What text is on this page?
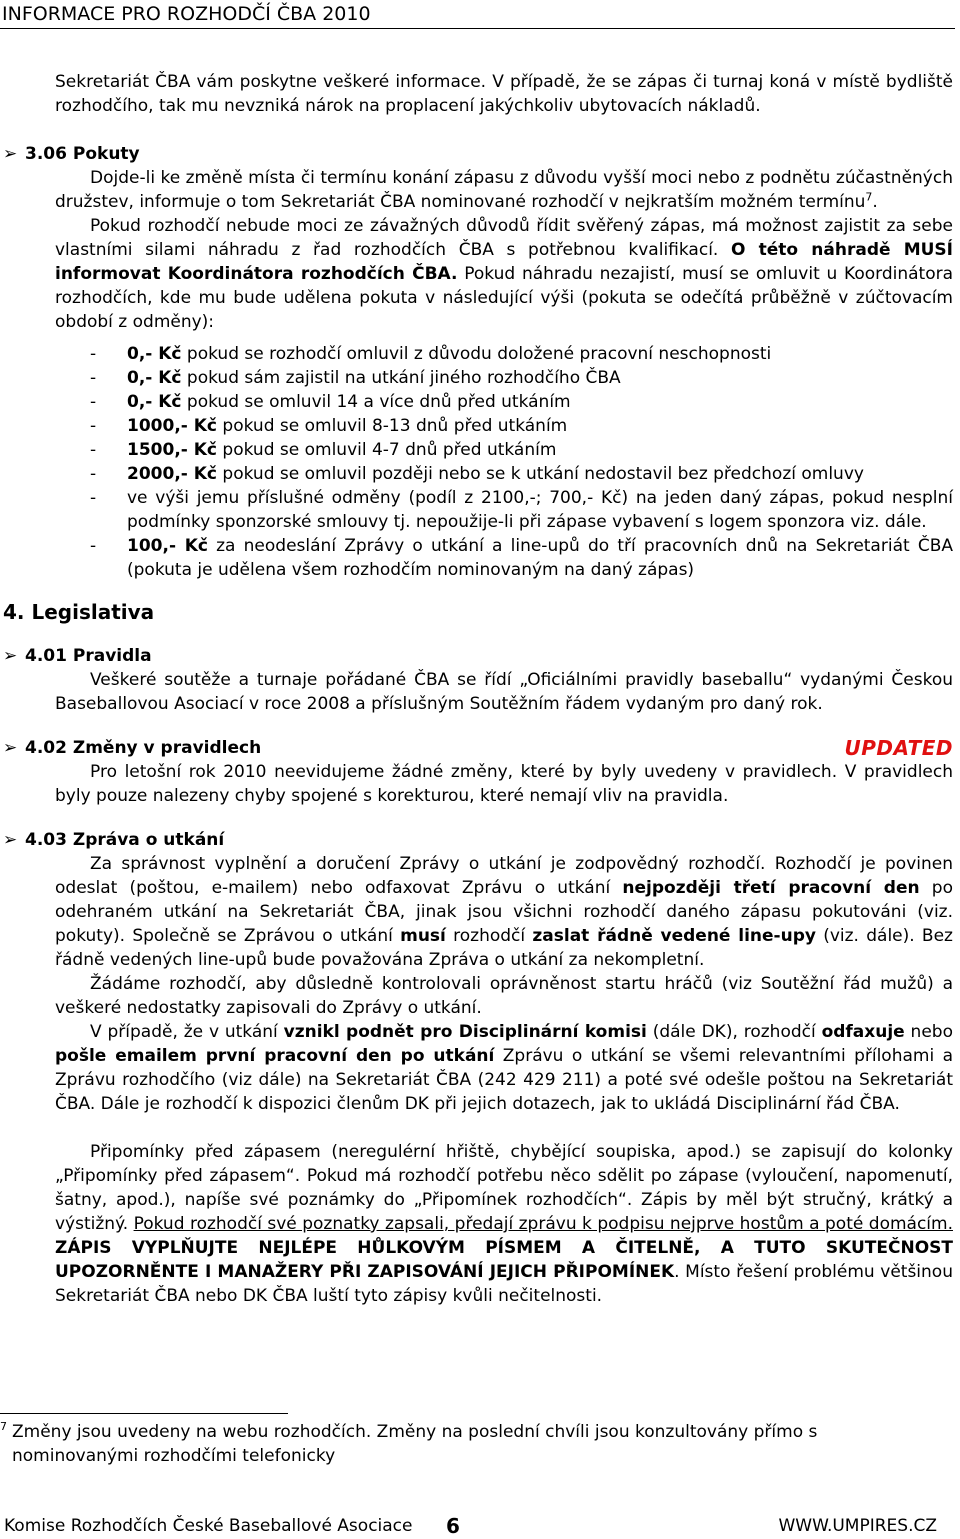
INFORMACE PRO ROZHODČÍ ČBA 2010

Sekretariát ČBA vám poskytne veškeré informace. V případě, že se zápas či turnaj koná v místě bydliště rozhodčího, tak mu nevzniká nárok na proplacení jakýchkoliv ubytovacích nákladů.

➢ 3.06 Pokuty

Dojde-li ke změně místa či termínu konání zápasu z důvodu vyšší moci nebo z podnětu zúčastněných družstev, informuje o tom Sekretariát ČBA nominované rozhodčí v nejkratším možném termínu$^7$.

Pokud rozhodčí nebude moci ze závažných důvodů řídit svěřený zápas, má možnost zajistit za sebe vlastními silami náhradu z řad rozhodčích ČBA s potřebnou kvalifikací. O této náhradě MUSÍ informovat Koordinátora rozhodčích ČBA. Pokud náhradu nezajistí, musí se omluvit u Koordinátora rozhodčích, kde mu bude udělena pokuta v následující výši (pokuta se odečítá průběžně v zúčtovacím období z odměny):

- 0,- Kč pokud se rozhodčí omluvil z důvodu doložené pracovní neschopnosti
- 0,- Kč pokud sám zajistil na utkání jiného rozhodčího ČBA
- 0,- Kč pokud se omluvil 14 a více dnů před utkáním
- 1000,- Kč pokud se omluvil 8-13 dnů před utkáním
- 1500,- Kč pokud se omluvil 4-7 dnů před utkáním
- 2000,- Kč pokud se omluvil později nebo se k utkání nedostavil bez předchozí omluvy
- ve výši jemu příslušné odměny (podíl z 2100,-; 700,- Kč) na jeden daný zápas, pokud nesplní podmínky sponzorské smlouvy tj. nepoužije-li při zápase vybavení s logem sponzora viz. dále.
- 100,- Kč za neodeslání Zprávy o utkání a line-upů do tří pracovních dnů na Sekretariát ČBA (pokuta je udělena všem rozhodčím nominovaným na daný zápas)
4. Legislativa
➢ 4.01 Pravidla

Veškeré soutěže a turnaje pořádané ČBA se řídí „Oficiálními pravidly baseballu“ vydanými Českou Baseballovou Asociací v roce 2008 a příslušným Soutěžním řádem vydaným pro daný rok.

➢ 4.02 Změny v pravidlech	UPDATED

Pro letošní rok 2010 neevidujeme žádné změny, které by byly uvedeny v pravidlech. V pravidlech byly pouze nalezeny chyby spojené s korekturou, které nemají vliv na pravidla.

➢ 4.03 Zpráva o utkání

Za správnost vyplnění a doručení Zprávy o utkání je zodpovědný rozhodčí. Rozhodčí je povinen odeslat (poštou, e-mailem) nebo odfaxovat Zprávu o utkání nejpozději třetí pracovní den po odehraném utkání na Sekretariát ČBA, jinak jsou všichni rozhodčí daného zápasu pokutováni (viz. pokuty). Společně se Zprávou o utkání musí rozhodčí zaslat řádně vedené line-upy (viz. dále). Bez řádně vedených line-upů bude považována Zpráva o utkání za nekompletní.

Žádáme rozhodčí, aby důsledně kontrolovali oprávněnost startu hráčů (viz Soutěžní řád mužů) a veškeré nedostatky zapisovali do Zprávy o utkání.

V případě, že v utkání vznikl podnět pro Disciplinární komisi (dále DK), rozhodčí odfaxuje nebo pošle emailem první pracovní den po utkání Zprávu o utkání se všemi relevantními přílohami a Zprávu rozhodčího (viz dále) na Sekretariát ČBA (242 429 211) a poté své odešle poštou na Sekretariát ČBA. Dále je rozhodčí k dispozici členům DK při jejich dotazech, jak to ukládá Disciplinární řád ČBA.

Připomínky před zápasem (neregulérní hřiště, chybějící soupiska, apod.) se zapisují do kolonky „Připomínky před zápasem“. Pokud má rozhodčí potřebu něco sdělit po zápase (vyloučení, napomenutí, šatny, apod.), napíše své poznámky do „Připomínek rozhodčích“. Zápis by měl být stručný, krátký a výstižný. Pokud rozhodčí své poznatky zapsali, předají zprávu k podpisu nejprve hostům a poté domácím. ZÁPIS VYPLŇUJTE NEJLÉPE HŮLKOVÝM PÍSMEM A ČITELNĚ, A TUTO SKUTEČNOST UPOZORNĚNTE I MANAŽERY PŘI ZAPISOVÁNÍ JEJICH PŘIPOMÍNEK. Místo řešení problému většinou Sekretariát ČBA nebo DK ČBA luští tyto zápisy kvůli nečitelnosti.

7 Změny jsou uvedeny na webu rozhodčích. Změny na poslední chvíli jsou konzultovány přímo s nominovanými rozhodčími telefonicky
Komise Rozhodčích České Baseballové Asociace 6	WWW.UMPIRES.CZ
